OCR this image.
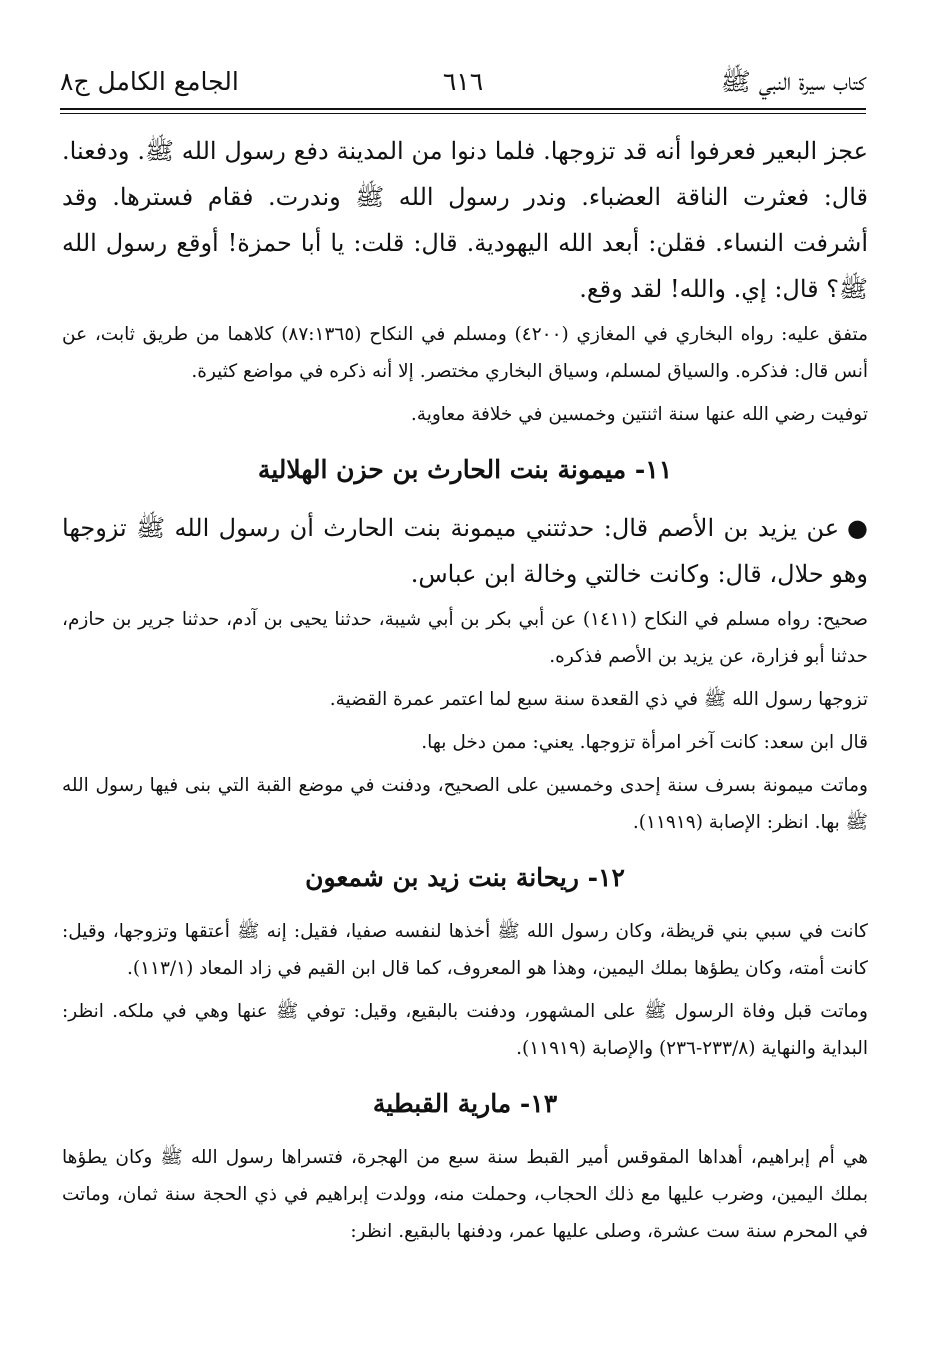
كتاب سيرة النبي ﷺ
٦١٦
الجامع الكامل ج٨

عجز البعير فعرفوا أنه قد تزوجها. فلما دنوا من المدينة دفع رسول الله ﷺ. ودفعنا. قال: فعثرت الناقة العضباء. وندر رسول الله ﷺ وندرت. فقام فسترها. وقد أشرفت النساء. فقلن: أبعد الله اليهودية. قال: قلت: يا أبا حمزة! أوقع رسول الله ﷺ؟ قال: إي. والله! لقد وقع.

متفق عليه: رواه البخاري في المغازي (٤٢٠٠) ومسلم في النكاح (٨٧:١٣٦٥) كلاهما من طريق ثابت، عن أنس قال: فذكره. والسياق لمسلم، وسياق البخاري مختصر. إلا أنه ذكره في مواضع كثيرة.

توفيت رضي الله عنها سنة اثنتين وخمسين في خلافة معاوية.

١١- ميمونة بنت الحارث بن حزن الهلالية

●عن يزيد بن الأصم قال: حدثتني ميمونة بنت الحارث أن رسول الله ﷺ تزوجها وهو حلال، قال: وكانت خالتي وخالة ابن عباس.

صحيح: رواه مسلم في النكاح (١٤١١) عن أبي بكر بن أبي شيبة، حدثنا يحيى بن آدم، حدثنا جرير بن حازم، حدثنا أبو فزارة، عن يزيد بن الأصم فذكره.

تزوجها رسول الله ﷺ في ذي القعدة سنة سبع لما اعتمر عمرة القضية.

قال ابن سعد: كانت آخر امرأة تزوجها. يعني: ممن دخل بها.

وماتت ميمونة بسرف سنة إحدى وخمسين على الصحيح، ودفنت في موضع القبة التي بنى فيها رسول الله ﷺ بها. انظر: الإصابة (١١٩١٩).

١٢- ريحانة بنت زيد بن شمعون

كانت في سبي بني قريظة، وكان رسول الله ﷺ أخذها لنفسه صفيا، فقيل: إنه ﷺ أعتقها وتزوجها، وقيل: كانت أمته، وكان يطؤها بملك اليمين، وهذا هو المعروف، كما قال ابن القيم في زاد المعاد (١١٣/١).

وماتت قبل وفاة الرسول ﷺ على المشهور، ودفنت بالبقيع، وقيل: توفي ﷺ عنها وهي في ملكه. انظر: البداية والنهاية (٢٣٣/٨-٢٣٦) والإصابة (١١٩١٩).

١٣- مارية القبطية

هي أم إبراهيم، أهداها المقوقس أمير القبط سنة سبع من الهجرة، فتسراها رسول الله ﷺ وكان يطؤها بملك اليمين، وضرب عليها مع ذلك الحجاب، وحملت منه، وولدت إبراهيم في ذي الحجة سنة ثمان، وماتت في المحرم سنة ست عشرة، وصلى عليها عمر، ودفنها بالبقيع. انظر:
